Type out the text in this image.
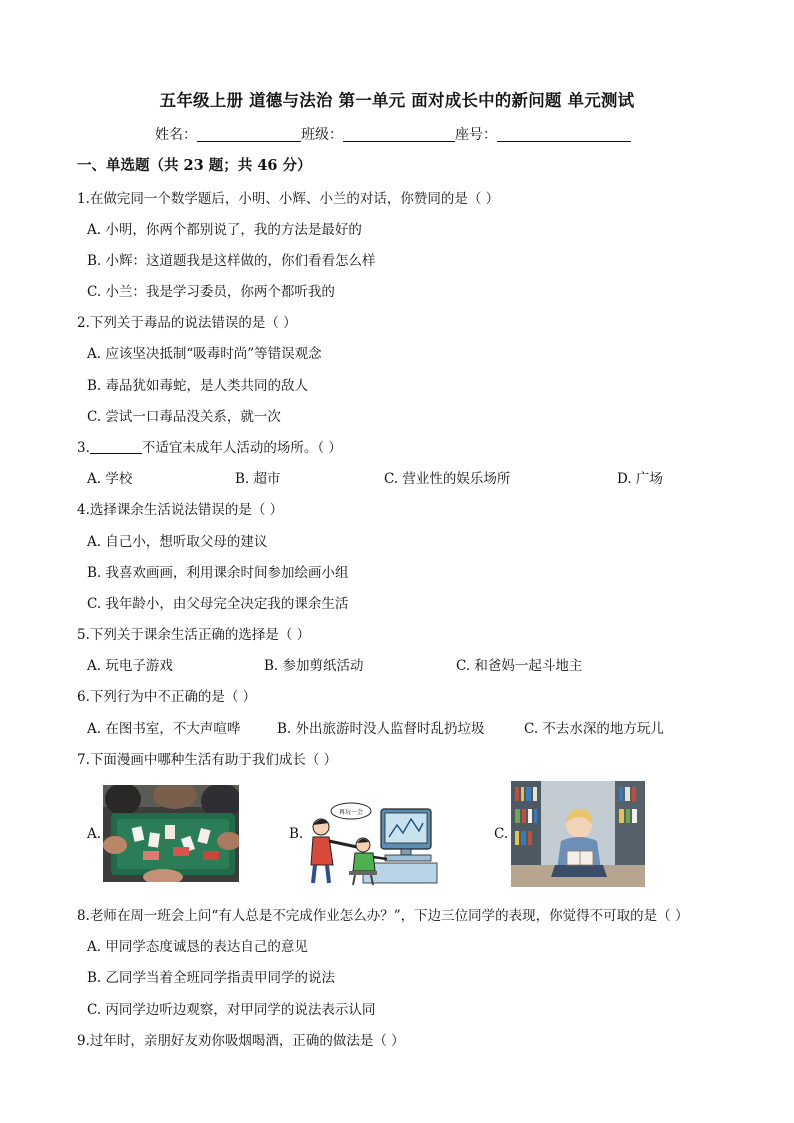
五年级上册 道德与法治 第一单元 面对成长中的新问题 单元测试
姓名：	班级：	座号：
一、单选题（共 23 题；共 46 分）
1.在做完同一个数学题后，小明、小辉、小兰的对话，你赞同的是（ ）
A. 小明，你两个都别说了，我的方法是最好的
B. 小辉：这道题我是这样做的，你们看看怎么样
C. 小兰：我是学习委员，你两个都听我的
2.下列关于毒品的说法错误的是（ ）
A. 应该坚决抵制“吸毒时尚”等错误观念
B. 毒品犹如毒蛇，是人类共同的敌人
C. 尝试一口毒品没关系，就一次
3.	不适宜未成年人活动的场所。（ ）
A. 学校	B. 超市	C. 营业性的娱乐场所	D. 广场
4.选择课余生活说法错误的是（ ）
A. 自己小，想听取父母的建议
B. 我喜欢画画，利用课余时间参加绘画小组
C. 我年龄小，由父母完全决定我的课余生活
5.下列关于课余生活正确的选择是（ ）
A. 玩电子游戏	B. 参加剪纸活动	C. 和爸妈一起斗地主
6.下列行为中不正确的是（ ）
A. 在图书室，不大声喧哗	B. 外出旅游时没人监督时乱扔垃圾	C. 不去水深的地方玩儿
7.下面漫画中哪种生活有助于我们成长（ ）
A.	B.
再玩一会
C.
8.老师在周一班会上问“有人总是不完成作业怎么办？”，下边三位同学的表现，你觉得不可取的是（ ）
A. 甲同学态度诚恳的表达自己的意见
B. 乙同学当着全班同学指责甲同学的说法
C. 丙同学边听边观察，对甲同学的说法表示认同
9.过年时，亲朋好友劝你吸烟喝酒，正确的做法是（ ）
